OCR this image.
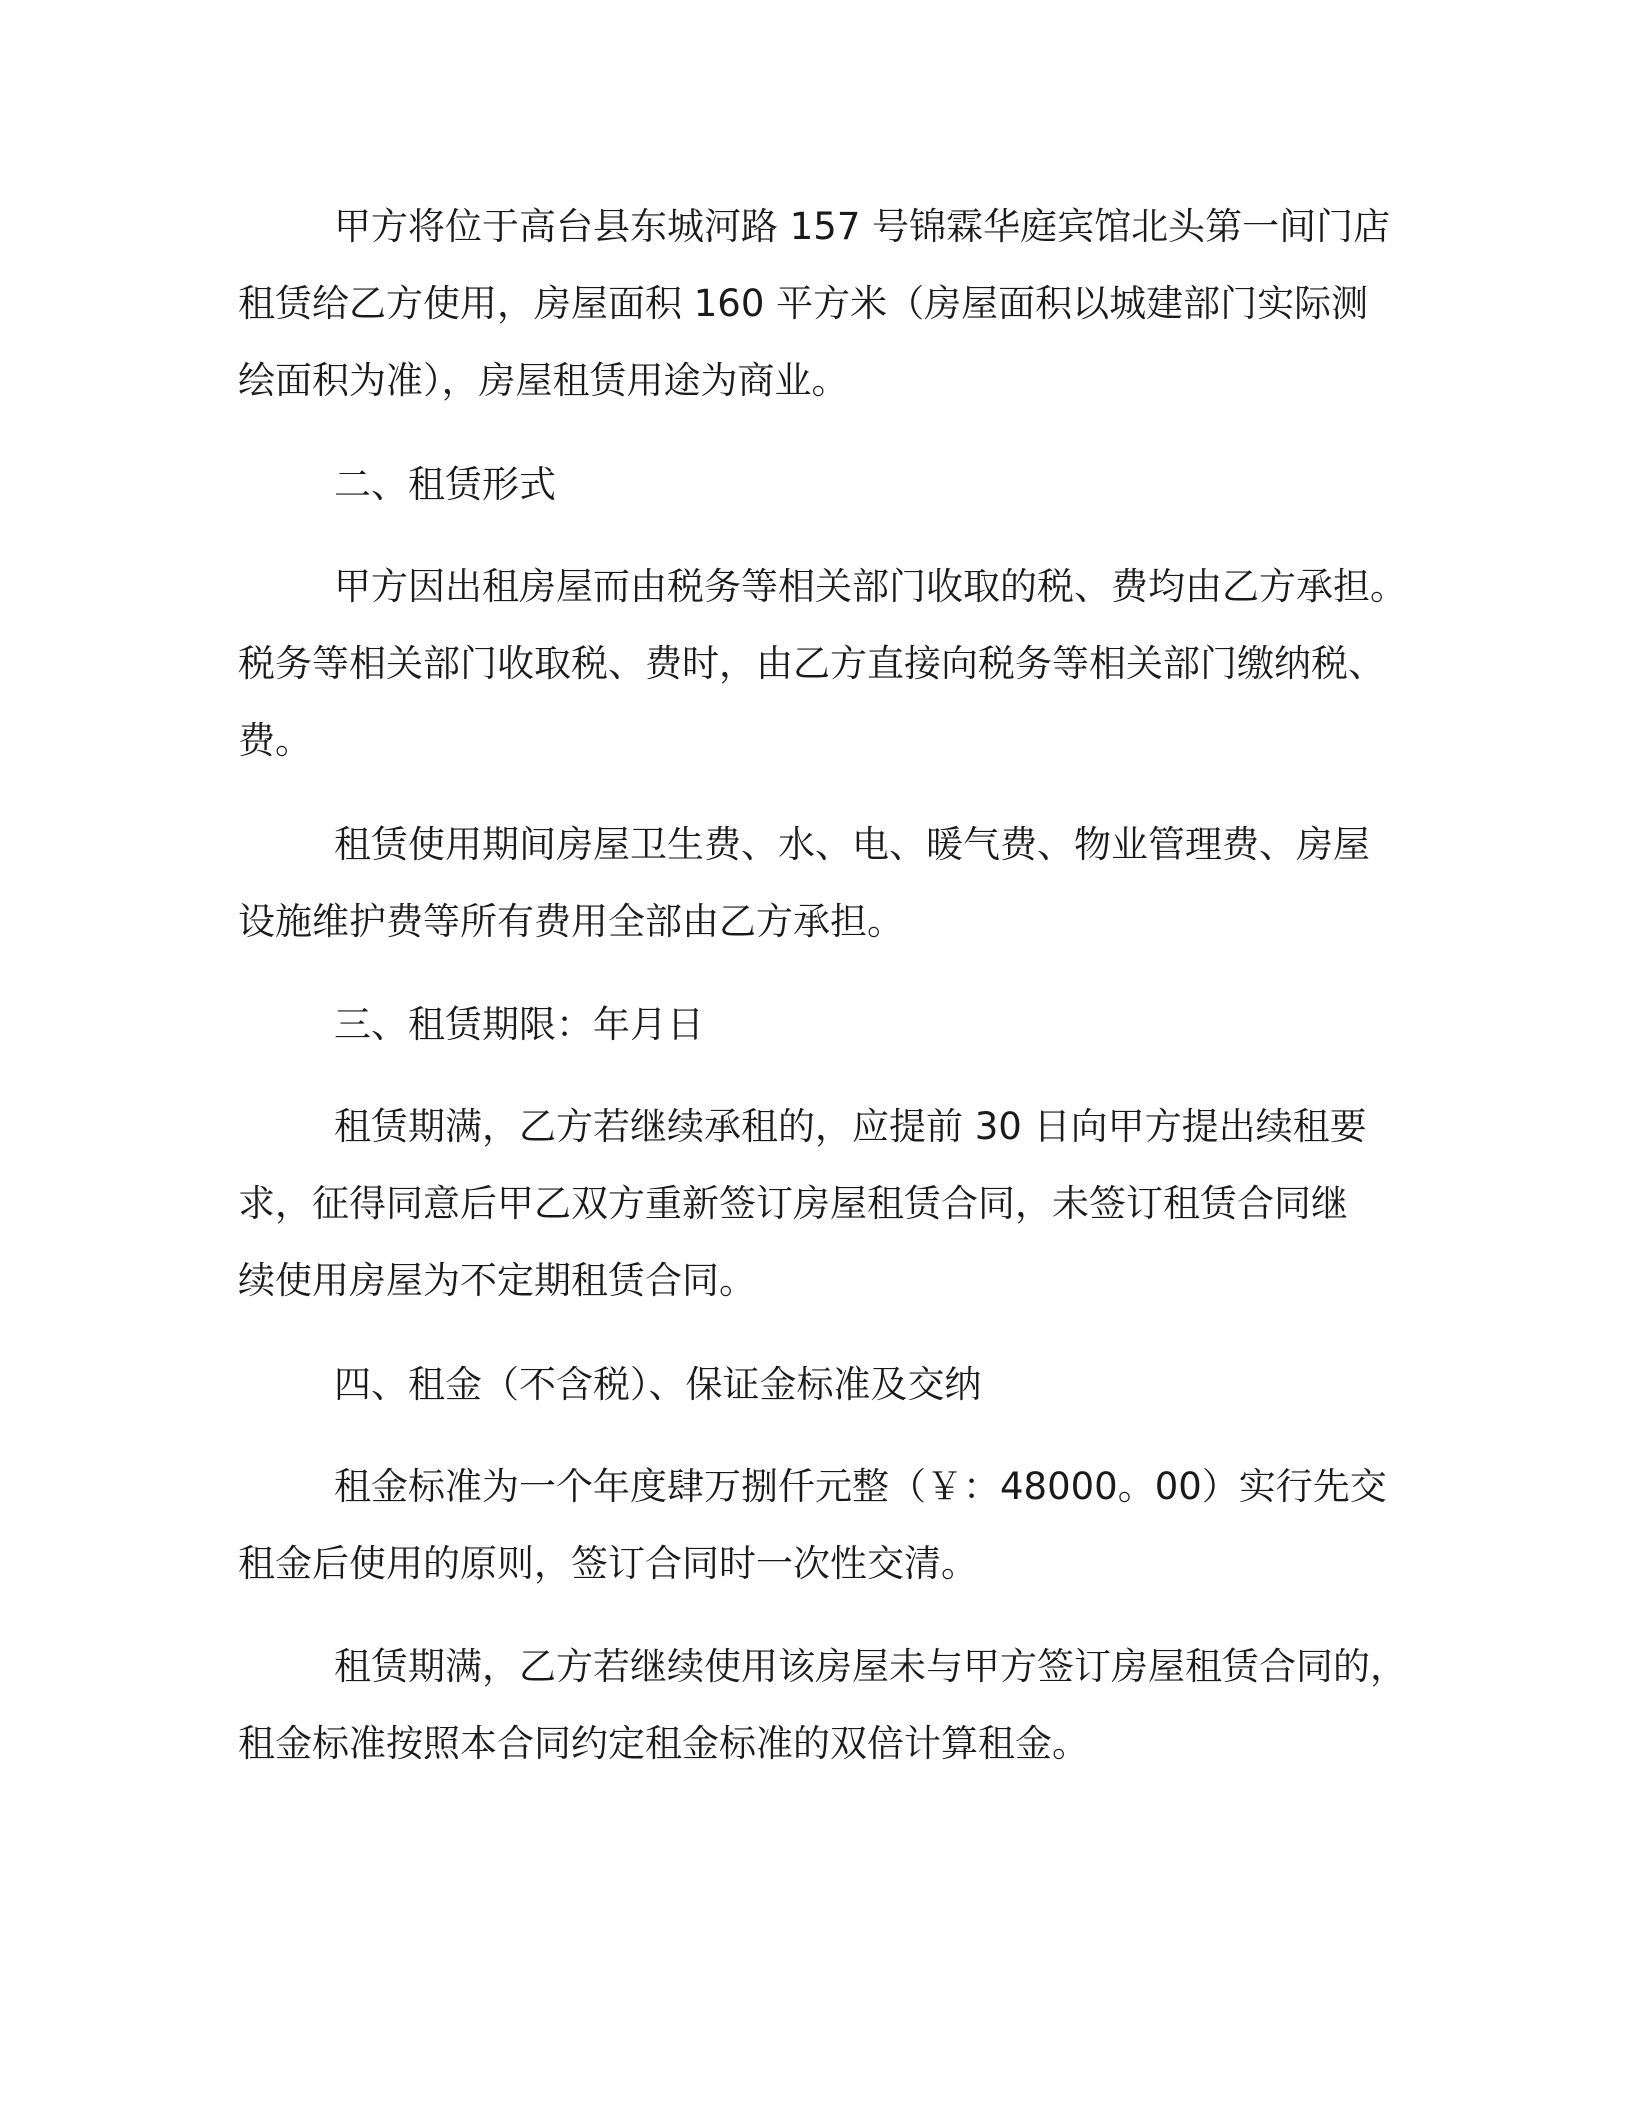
甲方将位于高台县东城河路 157 号锦霖华庭宾馆北头第一间门店
租赁给乙方使用，房屋面积 160 平方米（房屋面积以城建部门实际测
绘面积为准），房屋租赁用途为商业。

二、租赁形式

甲方因出租房屋而由税务等相关部门收取的税、费均由乙方承担。
税务等相关部门收取税、费时，由乙方直接向税务等相关部门缴纳税、
费。

租赁使用期间房屋卫生费、水、电、暖气费、物业管理费、房屋
设施维护费等所有费用全部由乙方承担。

三、租赁期限：年月日

租赁期满，乙方若继续承租的，应提前 30 日向甲方提出续租要
求，征得同意后甲乙双方重新签订房屋租赁合同，未签订租赁合同继
续使用房屋为不定期租赁合同。

四、租金（不含税）、保证金标准及交纳

租金标准为一个年度肆万捌仟元整（￥：48000。00）实行先交
租金后使用的原则，签订合同时一次性交清。

租赁期满，乙方若继续使用该房屋未与甲方签订房屋租赁合同的，
租金标准按照本合同约定租金标准的双倍计算租金。
